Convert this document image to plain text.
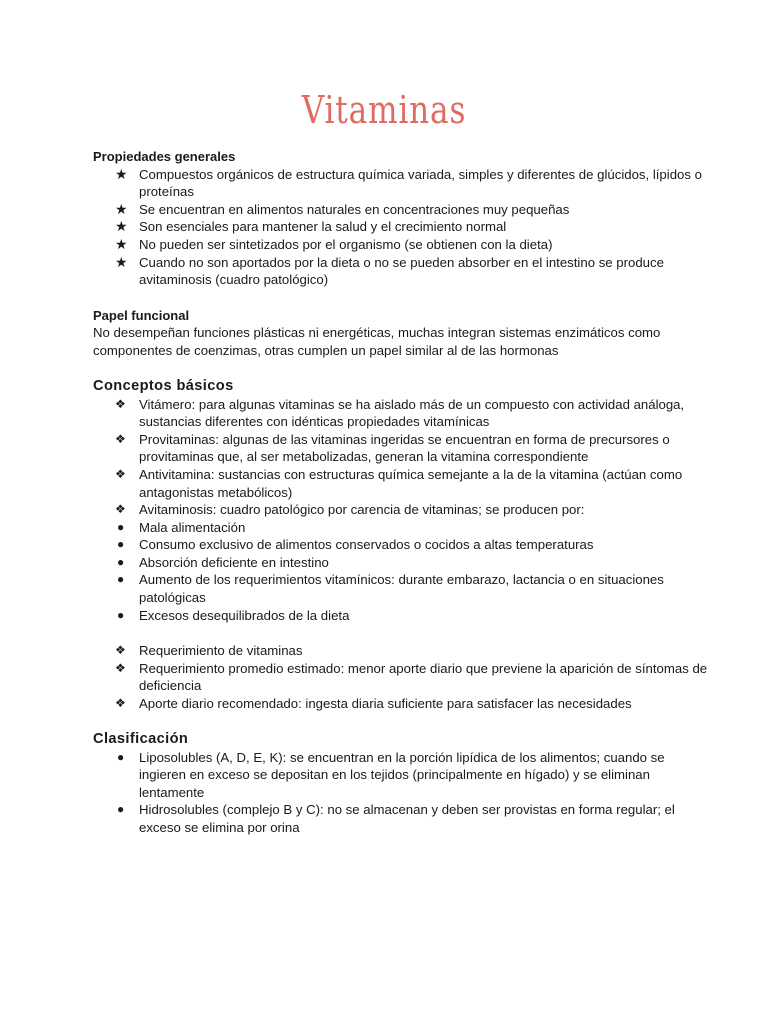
Vitaminas
Propiedades generales
★ Compuestos orgánicos de estructura química variada, simples y diferentes de glúcidos, lípidos o proteínas
★ Se encuentran en alimentos naturales en concentraciones muy pequeñas
★ Son esenciales para mantener la salud y el crecimiento normal
★ No pueden ser sintetizados por el organismo (se obtienen con la dieta)
★ Cuando no son aportados por la dieta o no se pueden absorber en el intestino se produce avitaminosis (cuadro patológico)
Papel funcional

No desempeñan funciones plásticas ni energéticas, muchas integran sistemas enzimáticos como componentes de coenzimas, otras cumplen un papel similar al de las hormonas

Conceptos básicos
❖	Vitámero: para algunas vitaminas se ha aislado más de un compuesto con actividad análoga, sustancias diferentes con idénticas propiedades vitamínicas
❖	Provitaminas: algunas de las vitaminas ingeridas se encuentran en forma de precursores o provitaminas que, al ser metabolizadas, generan la vitamina correspondiente
❖	Antivitamina: sustancias con estructuras química semejante a la de la vitamina (actúan como antagonistas metabólicos)
❖	Avitaminosis: cuadro patológico por carencia de vitaminas; se producen por:
●	Mala alimentación
●	Consumo exclusivo de alimentos conservados o cocidos a altas temperaturas
●	Absorción deficiente en intestino
●	Aumento de los requerimientos vitamínicos: durante embarazo, lactancia o en situaciones patológicas
●	Excesos desequilibrados de la dieta
❖	Requerimiento de vitaminas
❖	Requerimiento promedio estimado: menor aporte diario que previene la aparición de síntomas de deficiencia
❖	Aporte diario recomendado: ingesta diaria suficiente para satisfacer las necesidades
Clasificación
●	Liposolubles (A, D, E, K): se encuentran en la porción lipídica de los alimentos; cuando se ingieren en exceso se depositan en los tejidos (principalmente en hígado) y se eliminan lentamente
●	Hidrosolubles (complejo B y C): no se almacenan y deben ser provistas en forma regular; el exceso se elimina por orina
